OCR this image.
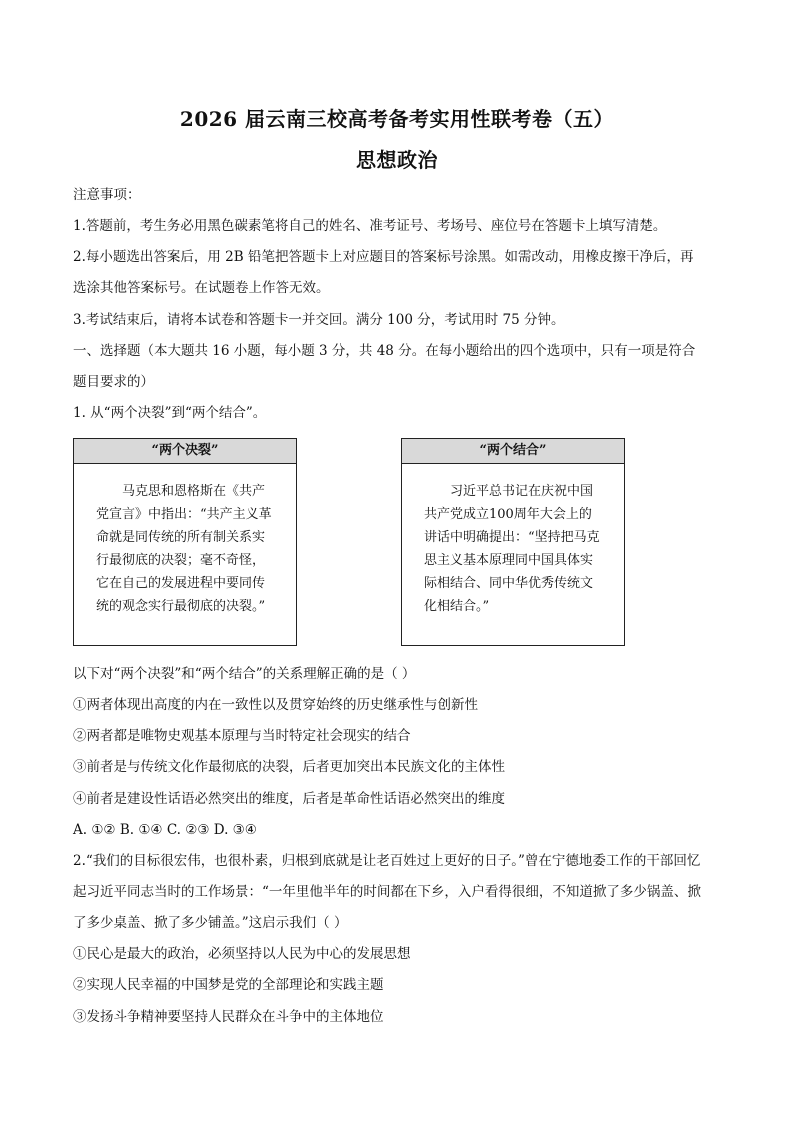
2026 届云南三校高考备考实用性联考卷（五）
思想政治
注意事项：
1.答题前，考生务必用黑色碳素笔将自己的姓名、准考证号、考场号、座位号在答题卡上填写清楚。
2.每小题选出答案后，用 2B 铅笔把答题卡上对应题目的答案标号涂黑。如需改动，用橡皮擦干净后，再
选涂其他答案标号。在试题卷上作答无效。
3.考试结束后，请将本试卷和答题卡一并交回。满分 100 分，考试用时 75 分钟。
一、选择题（本大题共 16 小题，每小题 3 分，共 48 分。在每小题给出的四个选项中，只有一项是符合
题目要求的）
1. 从“两个决裂”到“两个结合”。
“两个决裂”
马克思和恩格斯在《共产党宣言》中指出：“共产主义革命就是同传统的所有制关系实行最彻底的决裂；毫不奇怪，它在自己的发展进程中要同传统的观念实行最彻底的决裂。”
“两个结合”
习近平总书记在庆祝中国共产党成立100周年大会上的讲话中明确提出：“坚持把马克思主义基本原理同中国具体实际相结合、同中华优秀传统文化相结合。”
以下对“两个决裂”和“两个结合”的关系理解正确的是（ ）
①两者体现出高度的内在一致性以及贯穿始终的历史继承性与创新性
②两者都是唯物史观基本原理与当时特定社会现实的结合
③前者是与传统文化作最彻底的决裂，后者更加突出本民族文化的主体性
④前者是建设性话语必然突出的维度，后者是革命性话语必然突出的维度
A. ①② B. ①④ C. ②③ D. ③④
2.“我们的目标很宏伟，也很朴素，归根到底就是让老百姓过上更好的日子。”曾在宁德地委工作的干部回忆
起习近平同志当时的工作场景：“一年里他半年的时间都在下乡，入户看得很细，不知道掀了多少锅盖、掀
了多少桌盖、掀了多少铺盖。”这启示我们（ ）
①民心是最大的政治，必须坚持以人民为中心的发展思想
②实现人民幸福的中国梦是党的全部理论和实践主题
③发扬斗争精神要坚持人民群众在斗争中的主体地位
